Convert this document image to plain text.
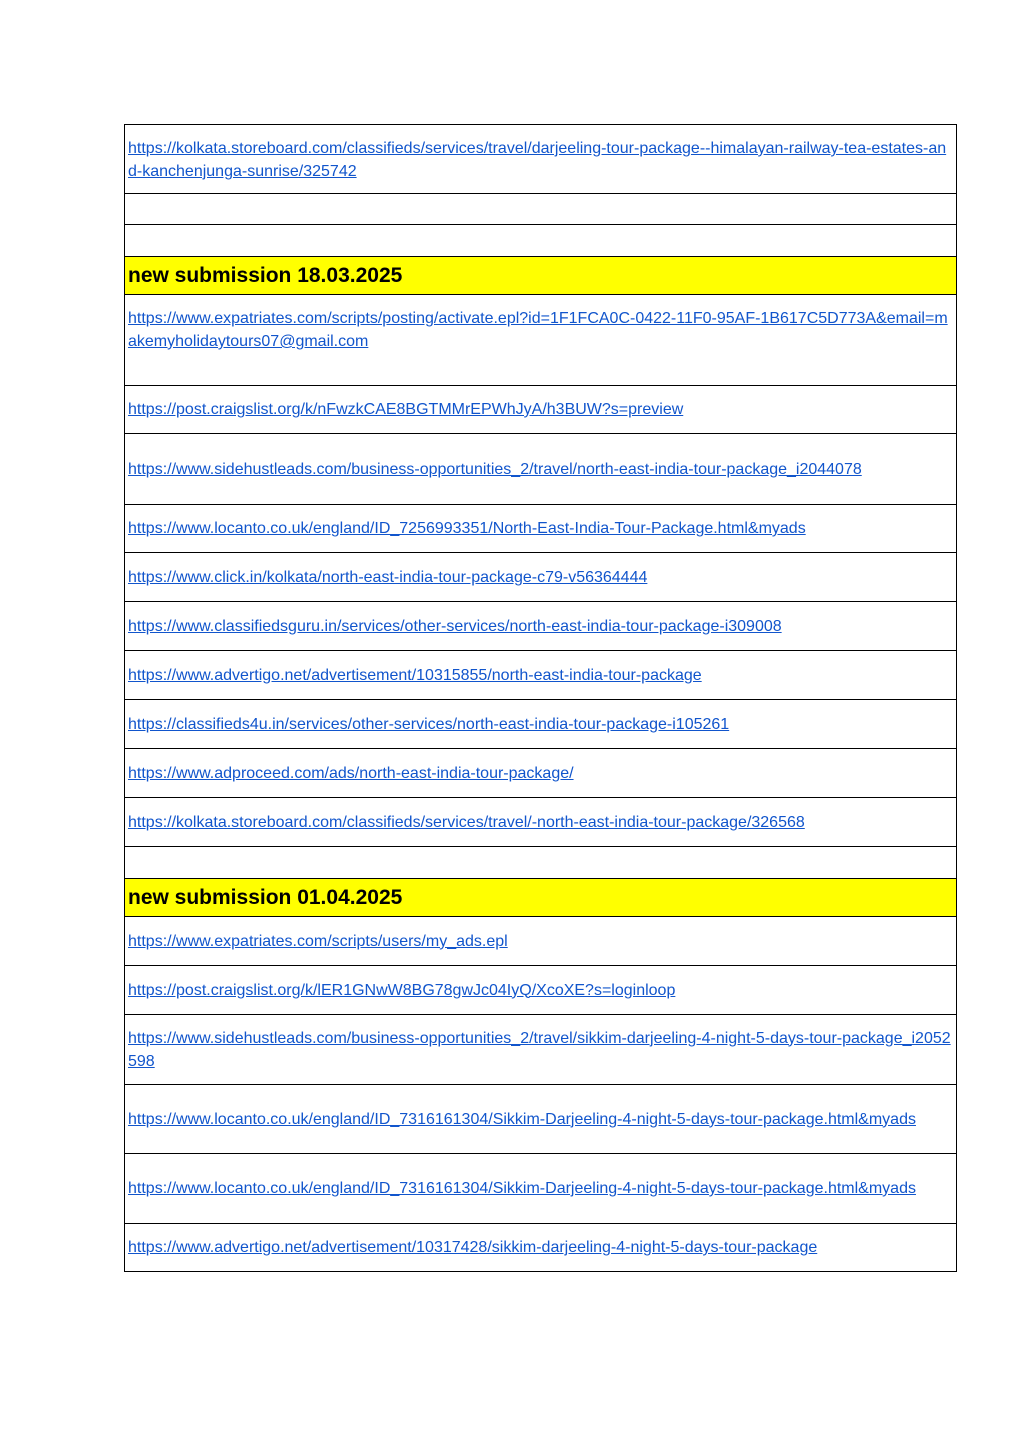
https://kolkata.storeboard.com/classifieds/services/travel/darjeeling-tour-package--himalayan-railway-tea-estates-and-kanchenjunga-sunrise/325742

new submission 18.03.2025
https://www.expatriates.com/scripts/posting/activate.epl?id=1F1FCA0C-0422-11F0-95AF-1B617C5D773A&email=makemyholidaytours07@gmail.com
https://post.craigslist.org/k/nFwzkCAE8BGTMMrEPWhJyA/h3BUW?s=preview
https://www.sidehustleads.com/business-opportunities_2/travel/north-east-india-tour-package_i2044078
https://www.locanto.co.uk/england/ID_7256993351/North-East-India-Tour-Package.html&myads
https://www.click.in/kolkata/north-east-india-tour-package-c79-v56364444
https://www.classifiedsguru.in/services/other-services/north-east-india-tour-package-i309008
https://www.advertigo.net/advertisement/10315855/north-east-india-tour-package
https://classifieds4u.in/services/other-services/north-east-india-tour-package-i105261
https://www.adproceed.com/ads/north-east-india-tour-package/
https://kolkata.storeboard.com/classifieds/services/travel/-north-east-india-tour-package/326568

new submission 01.04.2025
https://www.expatriates.com/scripts/users/my_ads.epl
https://post.craigslist.org/k/lER1GNwW8BG78gwJc04IyQ/XcoXE?s=loginloop
https://www.sidehustleads.com/business-opportunities_2/travel/sikkim-darjeeling-4-night-5-days-tour-package_i2052598
https://www.locanto.co.uk/england/ID_7316161304/Sikkim-Darjeeling-4-night-5-days-tour-package.html&myads
https://www.locanto.co.uk/england/ID_7316161304/Sikkim-Darjeeling-4-night-5-days-tour-package.html&myads
https://www.advertigo.net/advertisement/10317428/sikkim-darjeeling-4-night-5-days-tour-package
